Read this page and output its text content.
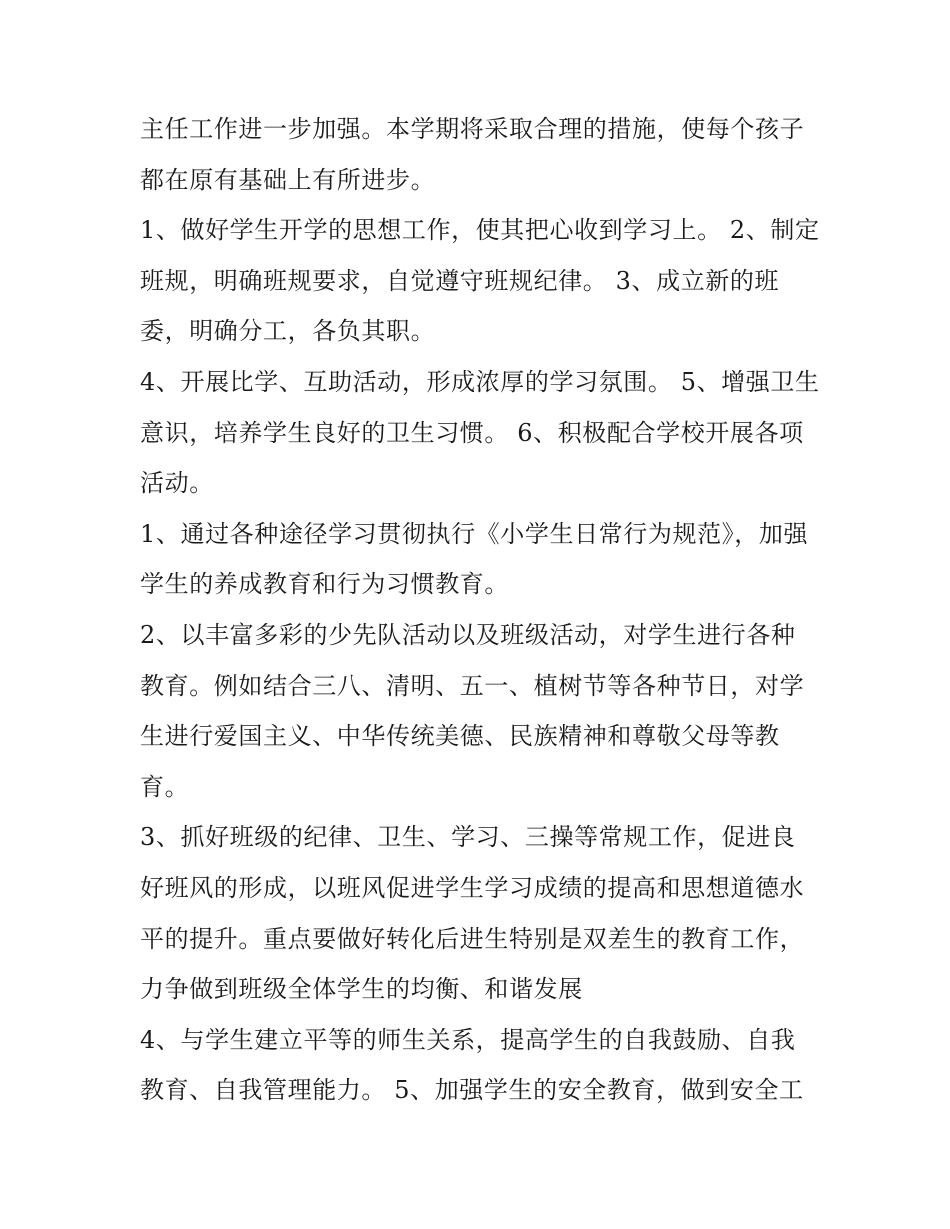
主任工作进一步加强。本学期将采取合理的措施，使每个孩子都在原有基础上有所进步。

1、做好学生开学的思想工作，使其把心收到学习上。 2、制定班规，明确班规要求，自觉遵守班规纪律。 3、成立新的班委，明确分工，各负其职。

4、开展比学、互助活动，形成浓厚的学习氛围。 5、增强卫生意识，培养学生良好的卫生习惯。 6、积极配合学校开展各项活动。

1、通过各种途径学习贯彻执行《小学生日常行为规范》，加强学生的养成教育和行为习惯教育。

2、以丰富多彩的少先队活动以及班级活动，对学生进行各种教育。例如结合三八、清明、五一、植树节等各种节日，对学生进行爱国主义、中华传统美德、民族精神和尊敬父母等教育。

3、抓好班级的纪律、卫生、学习、三操等常规工作，促进良好班风的形成，以班风促进学生学习成绩的提高和思想道德水平的提升。重点要做好转化后进生特别是双差生的教育工作，力争做到班级全体学生的均衡、和谐发展

4、与学生建立平等的师生关系，提高学生的自我鼓励、自我教育、自我管理能力。 5、加强学生的安全教育，做到安全工
